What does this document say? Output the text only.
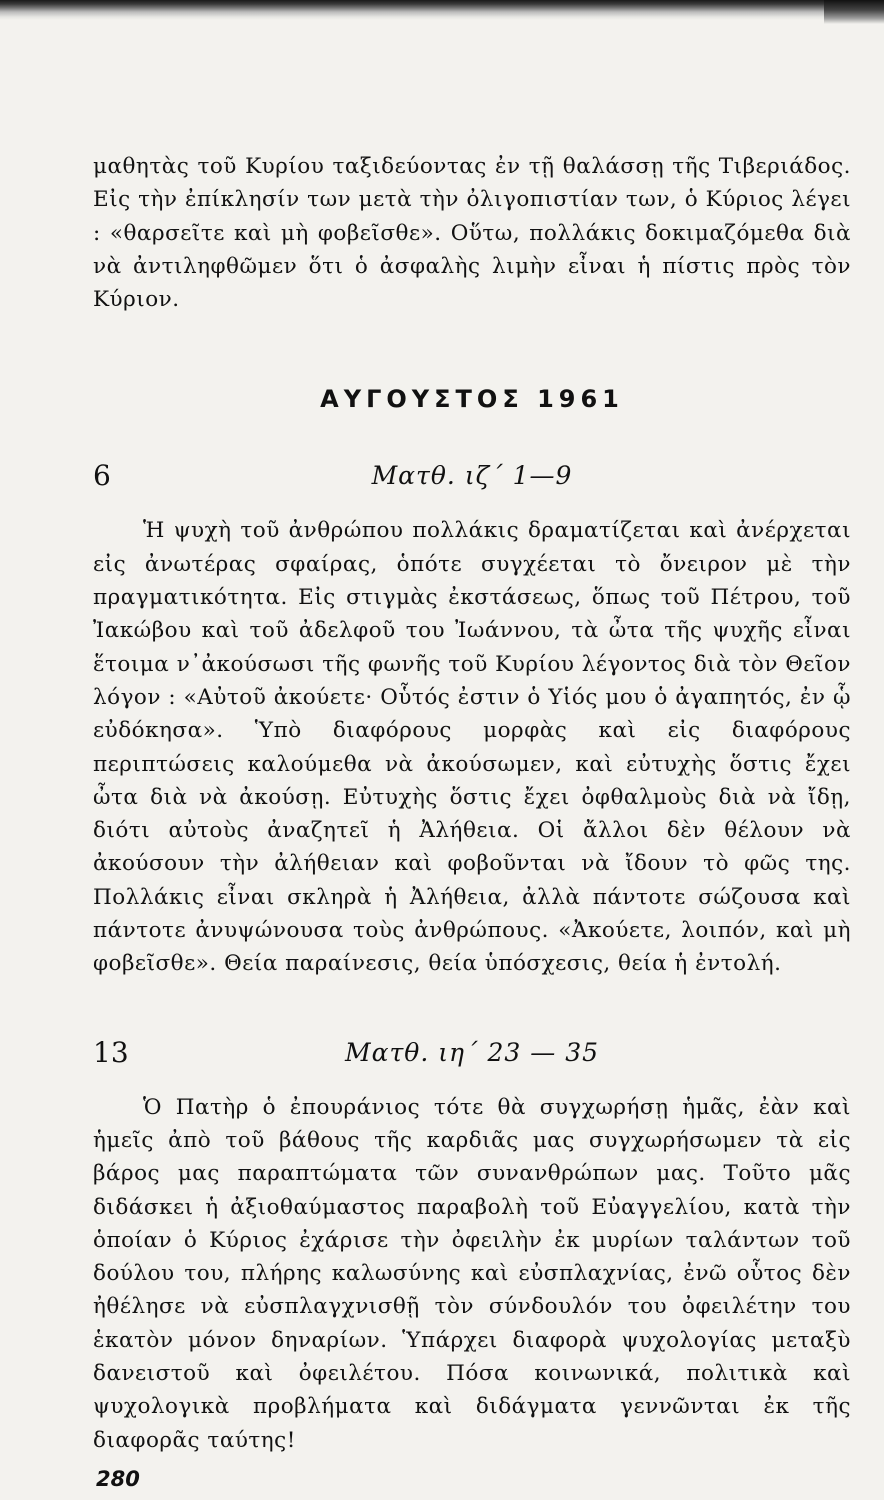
μαθητὰς τοῦ Κυρίου ταξιδεύοντας ἐν τῇ θαλάσσῃ τῆς Τιβεριάδος. Εἰς τὴν ἐπίκλησίν των μετὰ τὴν ὀλιγοπιστίαν των, ὁ Κύριος λέγει : «θαρσεῖτε καὶ μὴ φοβεῖσθε». Οὕτω, πολλάκις δοκιμαζόμεθα διὰ νὰ ἀντιληφθῶμεν ὅτι ὁ ἀσφαλὴς λιμὴν εἶναι ἡ πίστις πρὸς τὸν Κύριον.

ΑΥΓΟΥΣΤΟΣ 1961
6	Ματθ. ιζ΄ 1—9

Ἡ ψυχὴ τοῦ ἀνθρώπου πολλάκις δραματίζεται καὶ ἀνέρχεται εἰς ἀνωτέρας σφαίρας, ὁπότε συγχέεται τὸ ὄνειρον μὲ τὴν πραγματικότητα. Εἰς στιγμὰς ἐκστάσεως, ὅπως τοῦ Πέτρου, τοῦ Ἰακώβου καὶ τοῦ ἀδελφοῦ του Ἰωάννου, τὰ ὦτα τῆς ψυχῆς εἶναι ἕτοιμα ν᾽ἀκούσωσι τῆς φωνῆς τοῦ Κυρίου λέγοντος διὰ τὸν Θεῖον λόγον : «Αὐτοῦ ἀκούετε· Οὗτός ἐστιν ὁ Υἱός μου ὁ ἀγαπητός, ἐν ᾧ εὐδόκησα». Ὑπὸ διαφόρους μορφὰς καὶ εἰς διαφόρους περιπτώσεις καλούμεθα νὰ ἀκούσωμεν, καὶ εὐτυχὴς ὅστις ἔχει ὦτα διὰ νὰ ἀκούσῃ. Εὐτυχὴς ὅστις ἔχει ὀφθαλμοὺς διὰ νὰ ἴδῃ, διότι αὐτοὺς ἀναζητεῖ ἡ Ἀλήθεια. Οἱ ἄλλοι δὲν θέλουν νὰ ἀκούσουν τὴν ἀλήθειαν καὶ φοβοῦνται νὰ ἴδουν τὸ φῶς της. Πολλάκις εἶναι σκληρὰ ἡ Ἀλήθεια, ἀλλὰ πάντοτε σώζουσα καὶ πάντοτε ἀνυψώνουσα τοὺς ἀνθρώπους. «Ἀκούετε, λοιπόν, καὶ μὴ φοβεῖσθε». Θεία παραίνεσις, θεία ὑπόσχεσις, θεία ἡ ἐντολή.

13	Ματθ. ιη΄ 23 — 35

Ὁ Πατὴρ ὁ ἐπουράνιος τότε θὰ συγχωρήσῃ ἡμᾶς, ἐὰν καὶ ἡμεῖς ἀπὸ τοῦ βάθους τῆς καρδιᾶς μας συγχωρήσωμεν τὰ εἰς βάρος μας παραπτώματα τῶν συνανθρώπων μας. Τοῦτο μᾶς διδάσκει ἡ ἀξιοθαύμαστος παραβολὴ τοῦ Εὐαγγελίου, κατὰ τὴν ὁποίαν ὁ Κύριος ἐχάρισε τὴν ὀφειλὴν ἐκ μυρίων ταλάντων τοῦ δούλου του, πλήρης καλωσύνης καὶ εὐσπλαχνίας, ἐνῶ οὗτος δὲν ἠθέλησε νὰ εὐσπλαγχνισθῇ τὸν σύνδουλόν του ὀφειλέτην του ἑκατὸν μόνον δηναρίων. Ὑπάρχει διαφορὰ ψυχολογίας μεταξὺ δανειστοῦ καὶ ὀφειλέτου. Πόσα κοινωνικά, πολιτικὰ καὶ ψυχολογικὰ προβλήματα καὶ διδάγματα γεννῶνται ἐκ τῆς διαφορᾶς ταύτης!

280
